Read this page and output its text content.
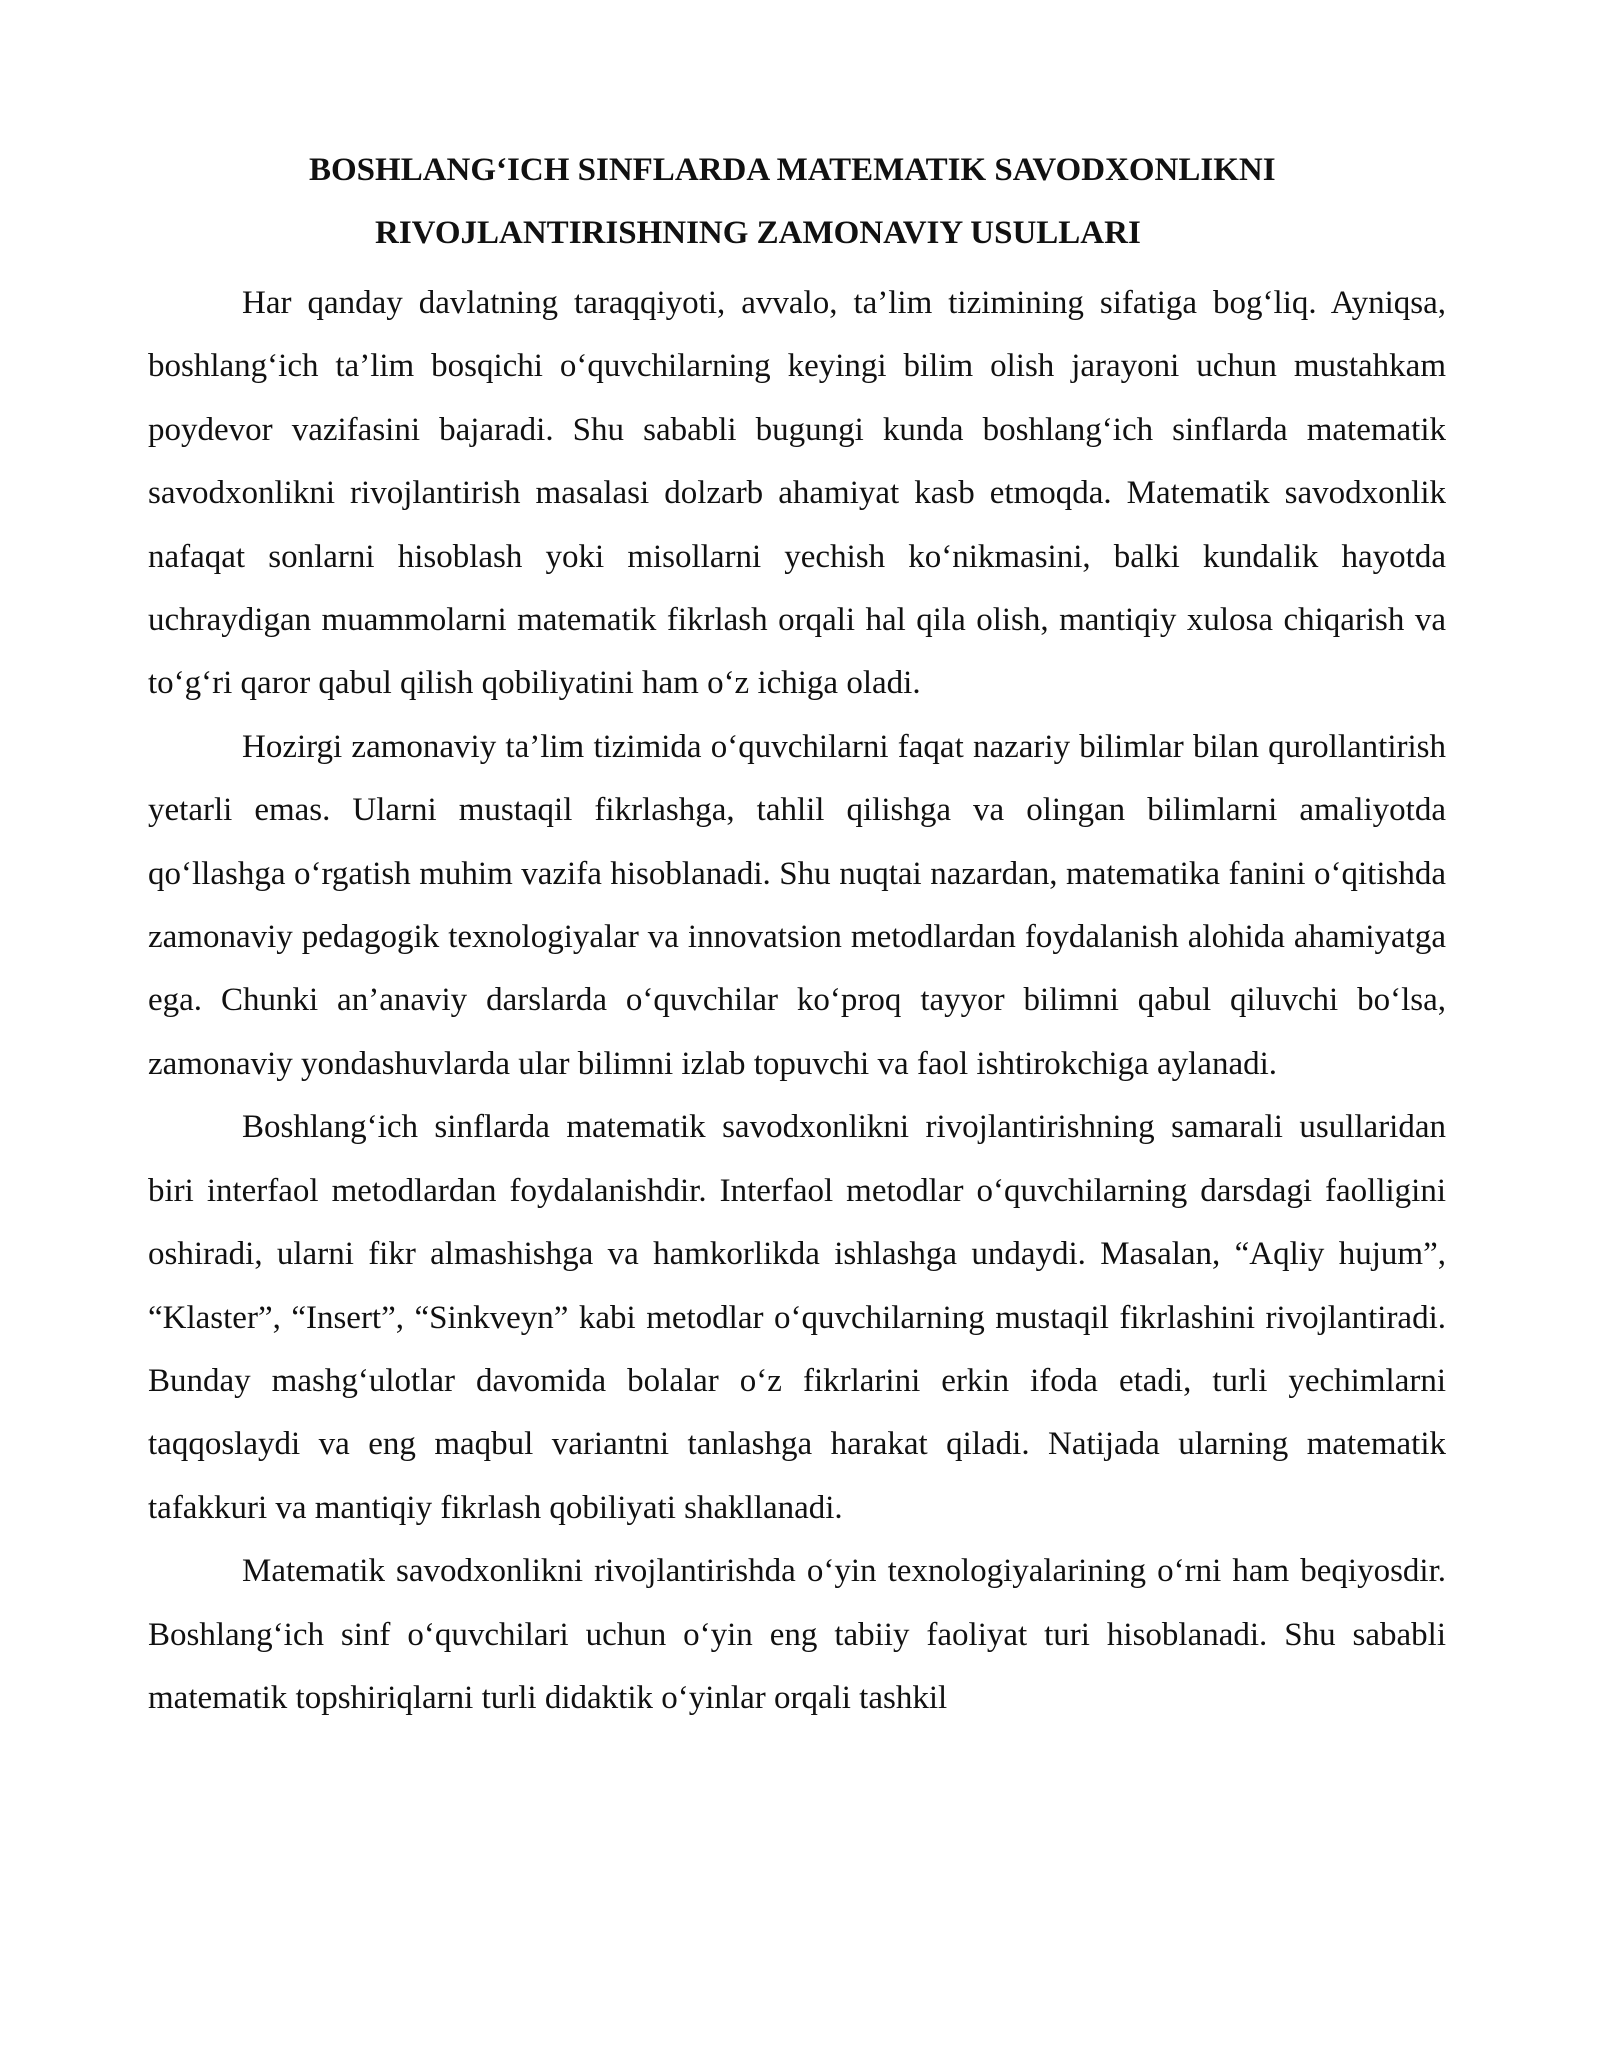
BOSHLANG‘ICH SINFLARDA MATEMATIK SAVODXONLIKNI
RIVOJLANTIRISHNING ZAMONAVIY USULLARI

Har qanday davlatning taraqqiyoti, avvalo, ta’lim tizimining sifatiga bog‘liq. Ayniqsa, boshlang‘ich ta’lim bosqichi o‘quvchilarning keyingi bilim olish jarayoni uchun mustahkam poydevor vazifasini bajaradi. Shu sababli bugungi kunda boshlang‘ich sinflarda matematik savodxonlikni rivojlantirish masalasi dolzarb ahamiyat kasb etmoqda. Matematik savodxonlik nafaqat sonlarni hisoblash yoki misollarni yechish ko‘nikmasini, balki kundalik hayotda uchraydigan muammolarni matematik fikrlash orqali hal qila olish, mantiqiy xulosa chiqarish va to‘g‘ri qaror qabul qilish qobiliyatini ham o‘z ichiga oladi.

Hozirgi zamonaviy ta’lim tizimida o‘quvchilarni faqat nazariy bilimlar bilan qurollantirish yetarli emas. Ularni mustaqil fikrlashga, tahlil qilishga va olingan bilimlarni amaliyotda qo‘llashga o‘rgatish muhim vazifa hisoblanadi. Shu nuqtai nazardan, matematika fanini o‘qitishda zamonaviy pedagogik texnologiyalar va innovatsion metodlardan foydalanish alohida ahamiyatga ega. Chunki an’anaviy darslarda o‘quvchilar ko‘proq tayyor bilimni qabul qiluvchi bo‘lsa, zamonaviy yondashuvlarda ular bilimni izlab topuvchi va faol ishtirokchiga aylanadi.

Boshlang‘ich sinflarda matematik savodxonlikni rivojlantirishning samarali usullaridan biri interfaol metodlardan foydalanishdir. Interfaol metodlar o‘quvchilarning darsdagi faolligini oshiradi, ularni fikr almashishga va hamkorlikda ishlashga undaydi. Masalan, “Aqliy hujum”, “Klaster”, “Insert”, “Sinkveyn” kabi metodlar o‘quvchilarning mustaqil fikrlashini rivojlantiradi. Bunday mashg‘ulotlar davomida bolalar o‘z fikrlarini erkin ifoda etadi, turli yechimlarni taqqoslaydi va eng maqbul variantni tanlashga harakat qiladi. Natijada ularning matematik tafakkuri va mantiqiy fikrlash qobiliyati shakllanadi.

Matematik savodxonlikni rivojlantirishda o‘yin texnologiyalarining o‘rni ham beqiyosdir. Boshlang‘ich sinf o‘quvchilari uchun o‘yin eng tabiiy faoliyat turi hisoblanadi. Shu sababli matematik topshiriqlarni turli didaktik o‘yinlar orqali tashkil
